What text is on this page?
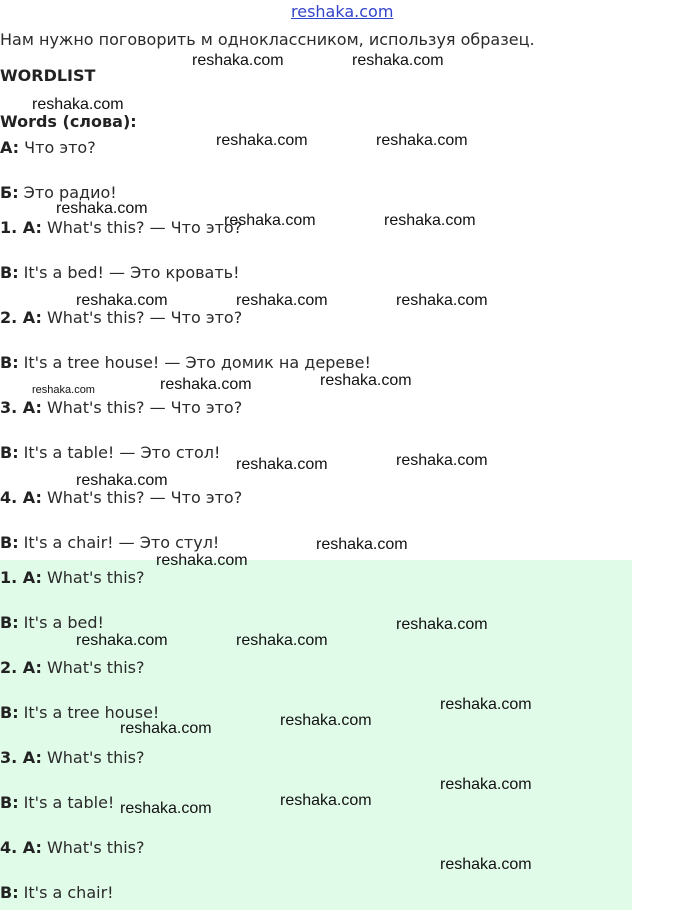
reshaka.com
Нам нужно поговорить м одноклассником, используя образец.
WORDLIST
Words (слова):
A: Что это?
Б: Это радио!
1. A: What's this? — Что это?
B: It's a bed! — Это кровать!
2. A: What's this? — Что это?
B: It's a tree house! — Это домик на дереве!
3. A: What's this? — Что это?
B: It's a table! — Это стол!
4. A: What's this? — Что это?
B: It's a chair! — Это стул!
1. A: What's this?
B: It's a bed!
2. A: What's this?
B: It's a tree house!
3. A: What's this?
B: It's a table!
4. A: What's this?
B: It's a chair!
reshaka.com	reshaka.com
reshaka.com
reshaka.com	reshaka.com
reshaka.com
reshaka.com	reshaka.com
reshaka.com	reshaka.com	reshaka.com
reshaka.com	reshaka.com	reshaka.com
reshaka.com	reshaka.com
reshaka.com
reshaka.com
reshaka.com
reshaka.com	reshaka.com
reshaka.com
reshaka.com
reshaka.com
reshaka.com
reshaka.com
reshaka.com
reshaka.com
reshaka.com
